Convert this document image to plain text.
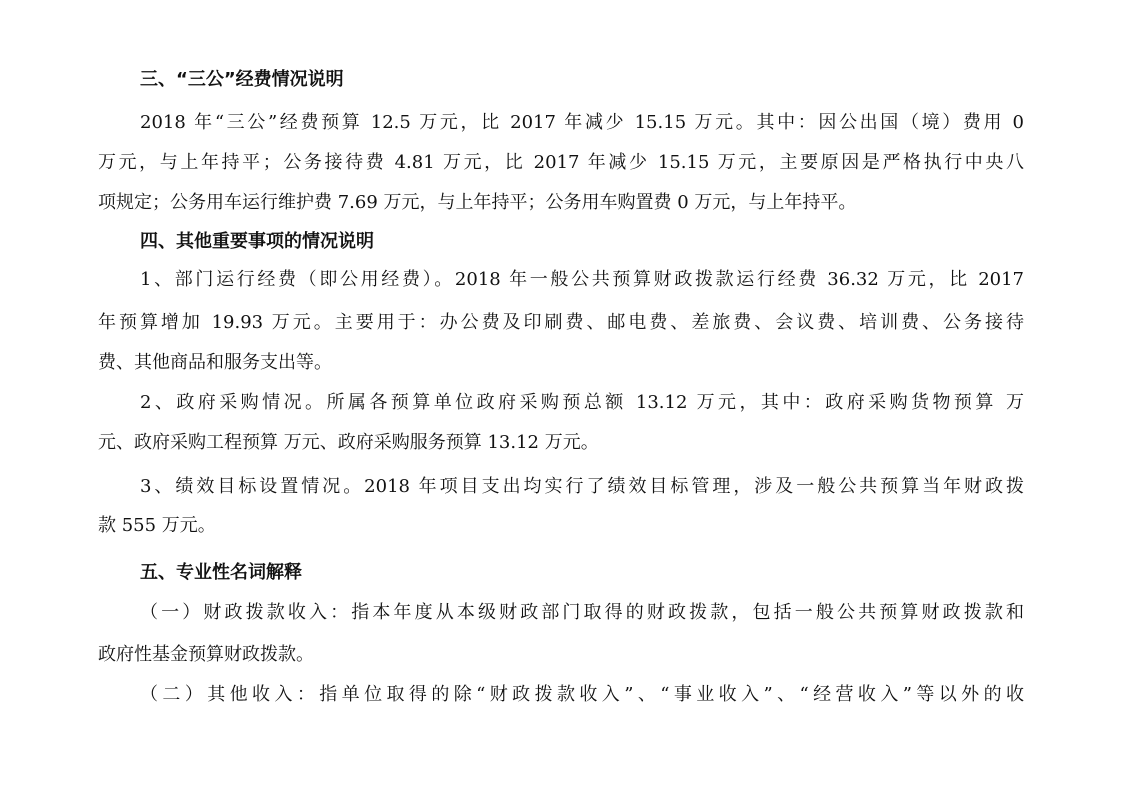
三、“三公”经费情况说明
2018 年“三公”经费预算 12.5 万元，比 2017 年减少 15.15 万元。其中：因公出国（境）费用 0
万元，与上年持平；公务接待费 4.81 万元，比 2017 年减少 15.15 万元，主要原因是严格执行中央八
项规定；公务用车运行维护费 7.69 万元，与上年持平；公务用车购置费 0 万元，与上年持平。
四、其他重要事项的情况说明
1、部门运行经费（即公用经费）。2018 年一般公共预算财政拨款运行经费 36.32 万元，比 2017
年预算增加 19.93 万元。主要用于：办公费及印刷费、邮电费、差旅费、会议费、培训费、公务接待
费、其他商品和服务支出等。
2、政府采购情况。所属各预算单位政府采购预总额 13.12 万元，其中：政府采购货物预算 万
元、政府采购工程预算 万元、政府采购服务预算 13.12 万元。
3、绩效目标设置情况。2018 年项目支出均实行了绩效目标管理，涉及一般公共预算当年财政拨
款 555 万元。
五、专业性名词解释
（一）财政拨款收入：指本年度从本级财政部门取得的财政拨款，包括一般公共预算财政拨款和
政府性基金预算财政拨款。
（二）其他收入：指单位取得的除“财政拨款收入”、“事业收入”、“经营收入”等以外的收
